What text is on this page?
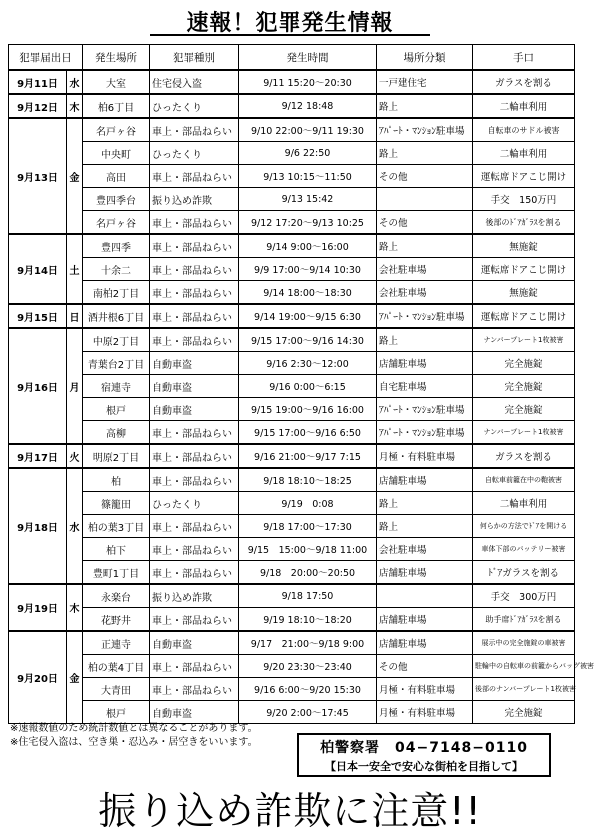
速報！犯罪発生情報
犯罪届出日		発生場所	犯罪種別	発生時間	場所分類	手口
9月11日	水	大室	住宅侵入盗	9/11 15:20～20:30	一戸建住宅	ガラスを割る
9月12日	木	柏6丁目	ひったくり	9/12 18:48	路上	二輪車利用
9月13日	金	名戸ヶ谷	車上・部品ねらい	9/10 22:00～9/11 19:30	ｱﾊﾟｰﾄ・ﾏﾝｼｮﾝ駐車場	自転車のサドル被害
		中央町	ひったくり	9/6 22:50	路上	二輪車利用
		高田	車上・部品ねらい	9/13 10:15～11:50	その他	運転席ドアこじ開け
		豊四季台	振り込め詐欺	9/13 15:42		手交　150万円
		名戸ヶ谷	車上・部品ねらい	9/12 17:20～9/13 10:25	その他	後部のﾄﾞｱｶﾞﾗｽを割る
9月14日	土	豊四季	車上・部品ねらい	9/14 9:00～16:00	路上	無施錠
		十余二	車上・部品ねらい	9/9 17:00～9/14 10:30	会社駐車場	運転席ドアこじ開け
		南柏2丁目	車上・部品ねらい	9/14 18:00～18:30	会社駐車場	無施錠
9月15日	日	酒井根6丁目	車上・部品ねらい	9/14 19:00～9/15 6:30	ｱﾊﾟｰﾄ・ﾏﾝｼｮﾝ駐車場	運転席ドアこじ開け
9月16日	月	中原2丁目	車上・部品ねらい	9/15 17:00～9/16 14:30	路上	ナンバープレート1枚被害
		青葉台2丁目	自動車盗	9/16 2:30～12:00	店舗駐車場	完全施錠
		宿連寺	自動車盗	9/16 0:00～6:15	自宅駐車場	完全施錠
		根戸	自動車盗	9/15 19:00～9/16 16:00	ｱﾊﾟｰﾄ・ﾏﾝｼｮﾝ駐車場	完全施錠
		高柳	車上・部品ねらい	9/15 17:00～9/16 6:50	ｱﾊﾟｰﾄ・ﾏﾝｼｮﾝ駐車場	ナンバープレート1枚被害
9月17日	火	明原2丁目	車上・部品ねらい	9/16 21:00～9/17 7:15	月極・有料駐車場	ガラスを割る
9月18日	水	柏	車上・部品ねらい	9/18 18:10～18:25	店舗駐車場	自転車前籠在中の鞄被害
		篠籠田	ひったくり	9/19　0:08	路上	二輪車利用
		柏の葉3丁目	車上・部品ねらい	9/18 17:00～17:30	路上	何らかの方法でﾄﾞｱを開ける
		柏下	車上・部品ねらい	9/15　15:00～9/18 11:00	会社駐車場	車体下部のバッテリー被害
		豊町1丁目	車上・部品ねらい	9/18　20:00～20:50	店舗駐車場	ﾄﾞｱガラスを割る
9月19日	木	永楽台	振り込め詐欺	9/18 17:50		手交　300万円
		花野井	車上・部品ねらい	9/19 18:10～18:20	店舗駐車場	助手席ﾄﾞｱｶﾞﾗｽを割る
9月20日	金	正連寺	自動車盗	9/17　21:00～9/18 9:00	店舗駐車場	展示中の完全施錠の車被害
		柏の葉4丁目	車上・部品ねらい	9/20 23:30～23:40	その他	駐輪中の自転車の前籠からバッグ被害
		大青田	車上・部品ねらい	9/16 6:00～9/20 15:30	月極・有料駐車場	後部のナンバープレート1枚被害
		根戸	自動車盗	9/20 2:00～17:45	月極・有料駐車場	完全施錠
※速報数値のため統計数値とは異なることがあります。
※住宅侵入盗は、空き巣・忍込み・居空きをいいます。	柏警察署　04−7148−0110
【日本一安全で安心な街柏を目指して】
振り込め詐欺に注意!!
